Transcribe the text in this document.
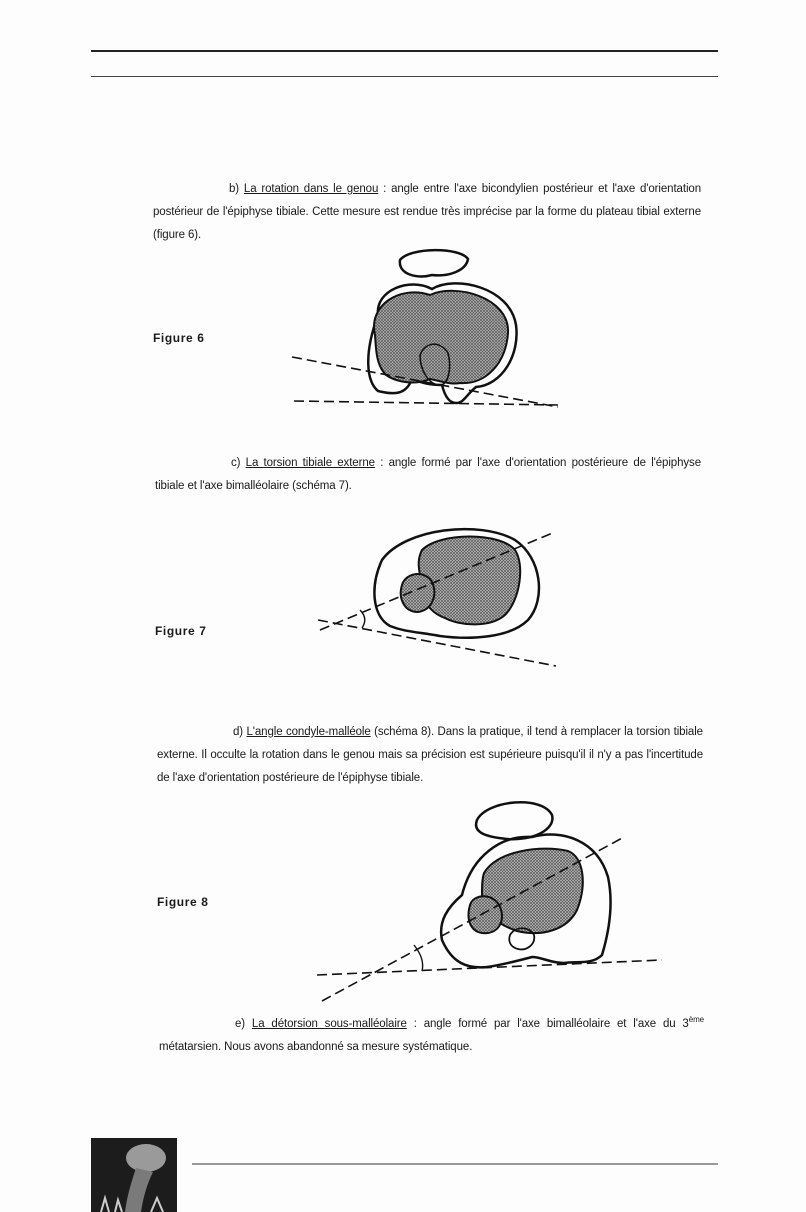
b) La rotation dans le genou : angle entre l'axe bicondylien postérieur et l'axe d'orientation postérieur de l'épiphyse tibiale. Cette mesure est rendue très imprécise par la forme du plateau tibial externe (figure 6).
Figure 6
c) La torsion tibiale externe : angle formé par l'axe d'orientation postérieure de l'épiphyse tibiale et l'axe bimalléolaire (schéma 7).
Figure 7
d) L'angle condyle-malléole (schéma 8). Dans la pratique, il tend à remplacer la torsion tibiale externe. Il occulte la rotation dans le genou mais sa précision est supérieure puisqu'il il n'y a pas l'incertitude de l'axe d'orientation postérieure de l'épiphyse tibiale.
Figure 8
e) La détorsion sous-malléolaire : angle formé par l'axe bimalléolaire et l'axe du 3ème métatarsien. Nous avons abandonné sa mesure systématique.
